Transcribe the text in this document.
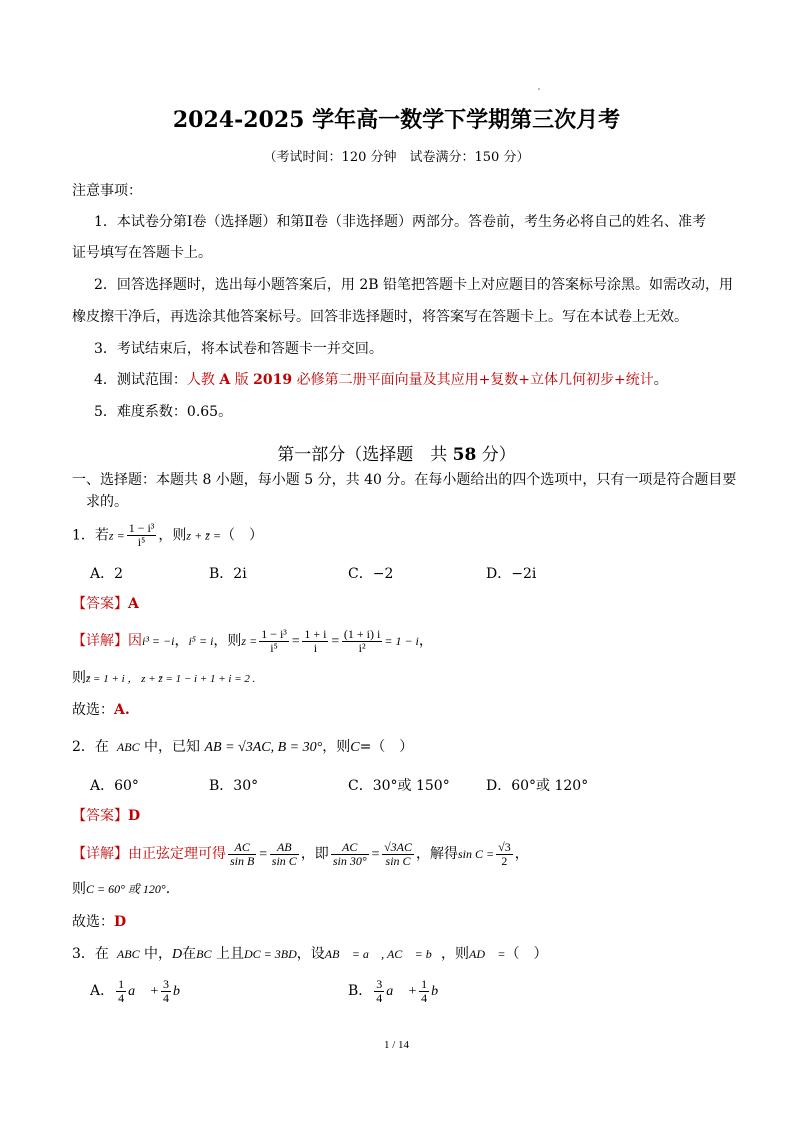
2024-2025 学年高一数学下学期第三次月考
（考试时间：120 分钟　试卷满分：150 分）
注意事项：
1．本试卷分第Ⅰ卷（选择题）和第Ⅱ卷（非选择题）两部分。答卷前，考生务必将自己的姓名、准考
证号填写在答题卡上。
2．回答选择题时，选出每小题答案后，用 2B 铅笔把答题卡上对应题目的答案标号涂黑。如需改动，用
橡皮擦干净后，再选涂其他答案标号。回答非选择题时，将答案写在答题卡上。写在本试卷上无效。
3．考试结束后，将本试卷和答题卡一并交回。
4．测试范围：人教 A 版 2019 必修第二册平面向量及其应用+复数+立体几何初步+统计。
5．难度系数：0.65。
第一部分（选择题　共 58 分）
一、选择题：本题共 8 小题，每小题 5 分，共 40 分。在每小题给出的四个选项中，只有一项是符合题目要
求的。
1．若$z = \frac{\text{1 − i³}}{\text{i⁵}}$ ，则z + z̄ =（　）
A．2	B．2i	C．−2	D．−2i
【答案】A
【详解】因i³ = −i，i⁵ = i，则$z = \frac{\text{1 − i³}}{\text{i⁵}} = \frac{1 + i}{i} = \frac{(1 + i) i}{\text{i²}} = 1 - i$，
则z̄ = 1 + i ， z + z̄ = 1 − i + 1 + i = 2 .
故选：A.
2．在 ABC 中，已知 AB = √3AC, B = 30°，则C=（　）
A．60°	B．30°	C．30°或 150°	D．60°或 120°
【答案】D
【详解】由正弦定理可得 $\frac{AC}{\text{sin B}} = \frac{AB}{\text{sin C}}$ ，即 $\frac{AC}{\sin 30^\circ} = \frac{√3AC}{\text{sin C}}$ ，解得$\sin C = \frac{√3}{2}$ ，
则C = 60° 或 120°.
故选：D
3．在 ABC 中，D在BC 上且DC = 3BD，设AB⃗ = a⃗ , AC⃗ = b⃗，则AD⃗ =（　）
A． $\frac{1}{4}$ a⃗ + $\frac{3}{4}$ b⃗	B． $\frac{3}{4}$ a⃗ + $\frac{1}{4}$ b⃗
1 / 14
